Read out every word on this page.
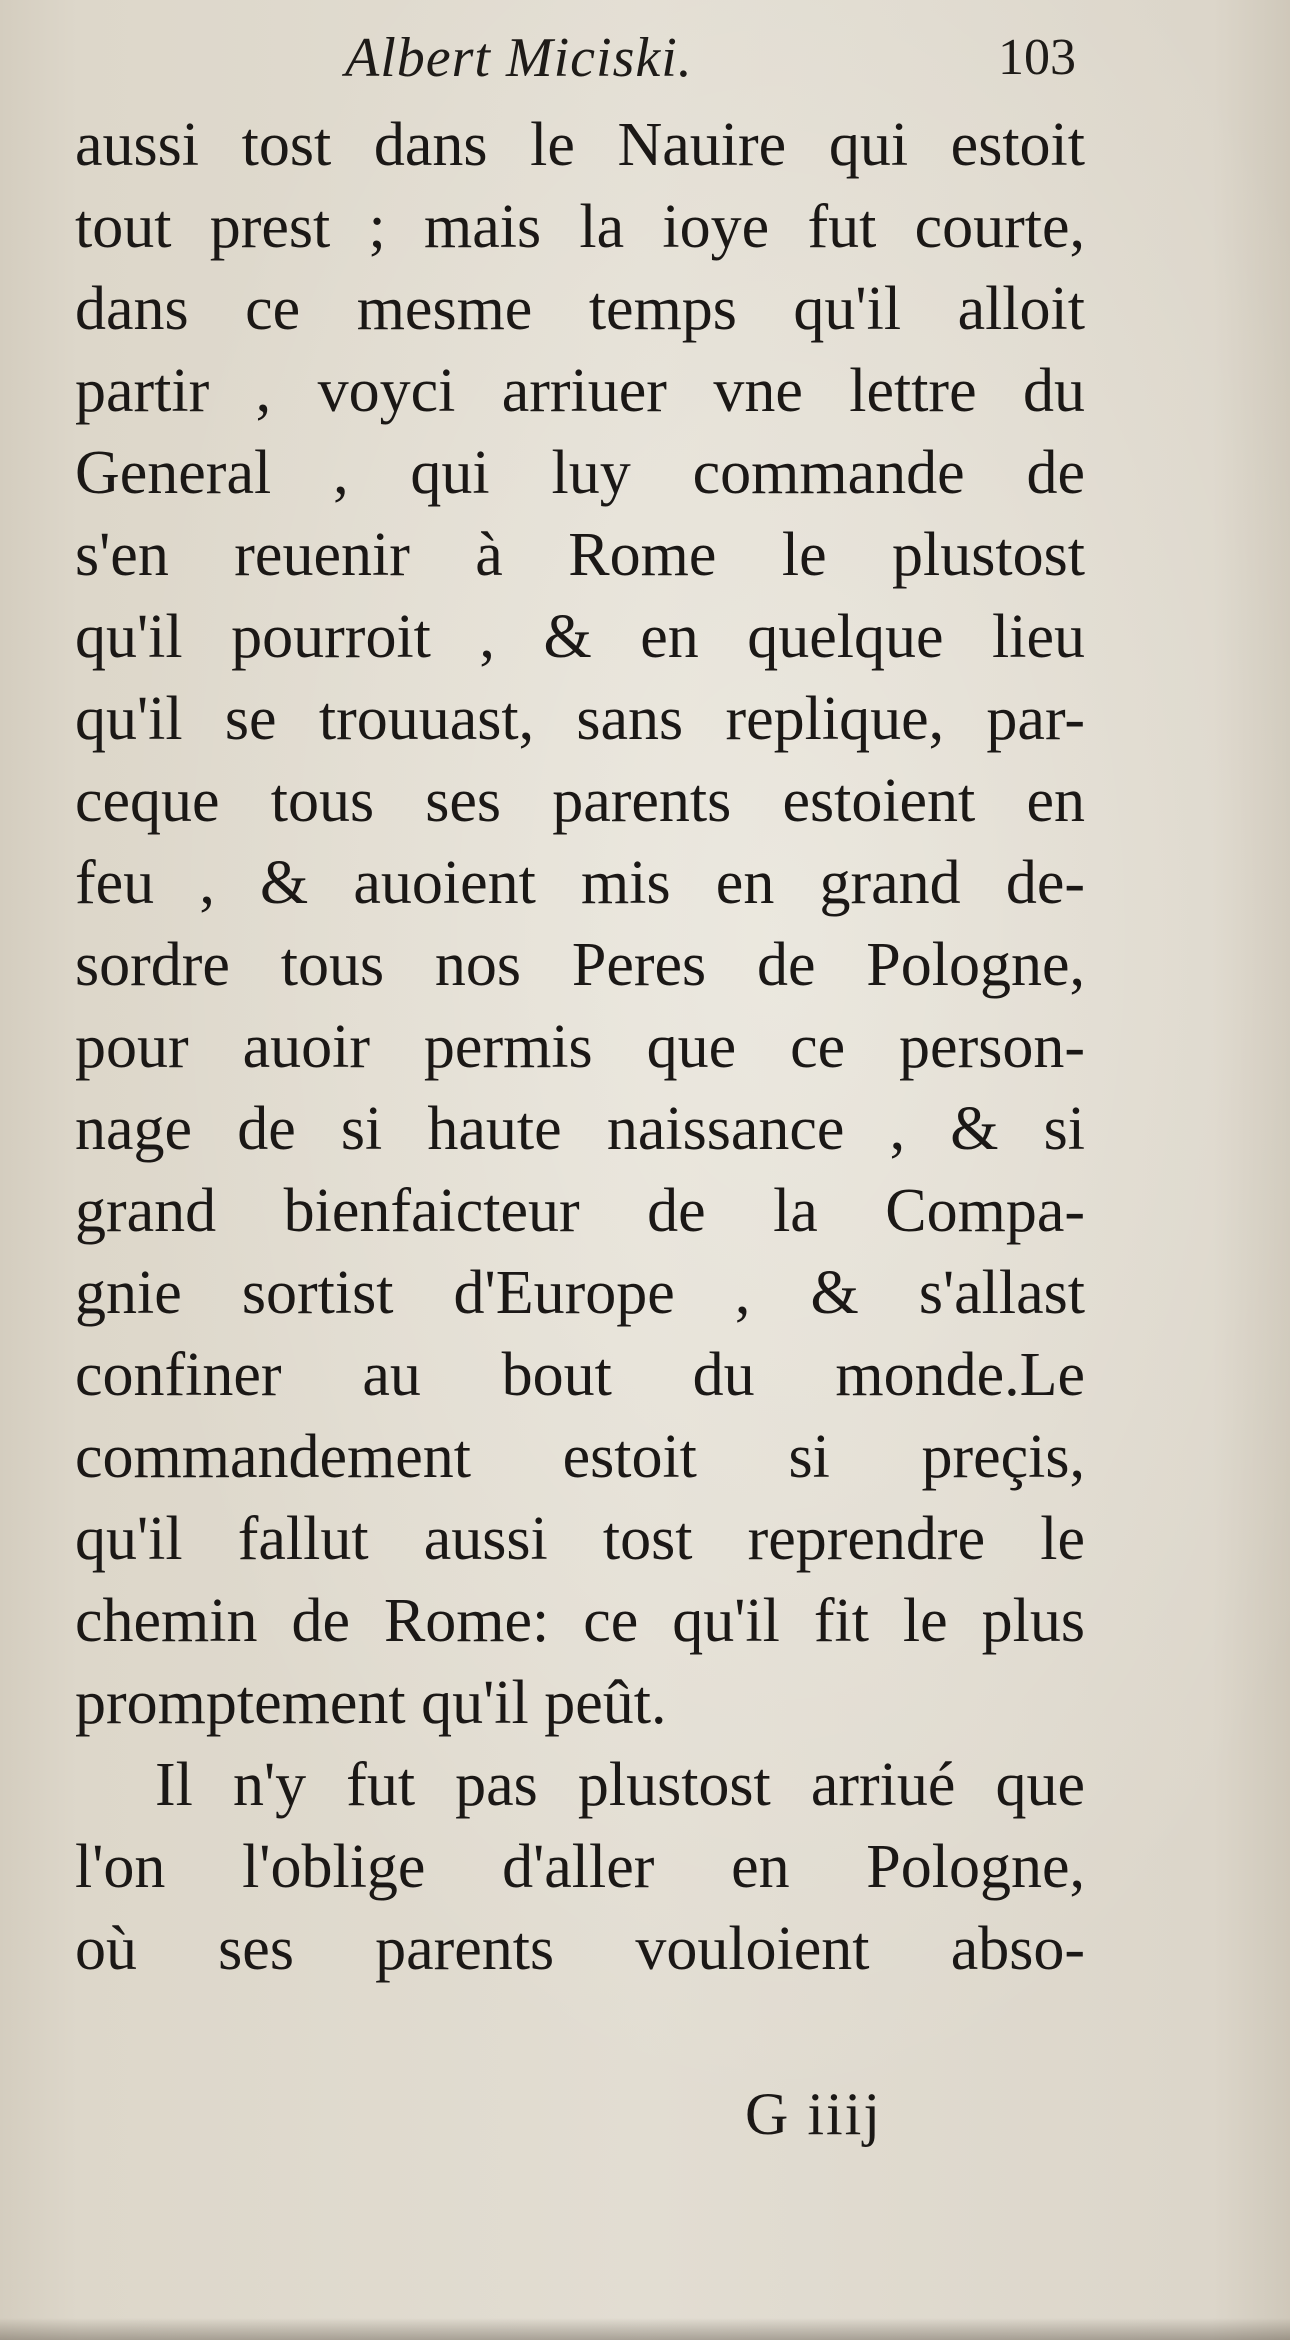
Albert Miciski.	103
aussi tost dans le Nauire qui estoit
tout prest ; mais la ioye fut courte,
dans ce mesme temps qu'il alloit
partir , voyci arriuer vne lettre du
General , qui luy commande de
s'en reuenir à Rome le plustost
qu'il pourroit , & en quelque lieu
qu'il se trouuast, sans replique, par-
ceque tous ses parents estoient en
feu , & auoient mis en grand de-
sordre tous nos Peres de Pologne,
pour auoir permis que ce person-
nage de si haute naissance , & si
grand bienfaicteur de la Compa-
gnie sortist d'Europe , & s'allast
confiner au bout du monde.Le
commandement estoit si preçis,
qu'il fallut aussi tost reprendre le
chemin de Rome: ce qu'il fit le plus
promptement qu'il peût.
Il n'y fut pas plustost arriué que
l'on l'oblige d'aller en Pologne,
où ses parents vouloient abso-
G iiij
